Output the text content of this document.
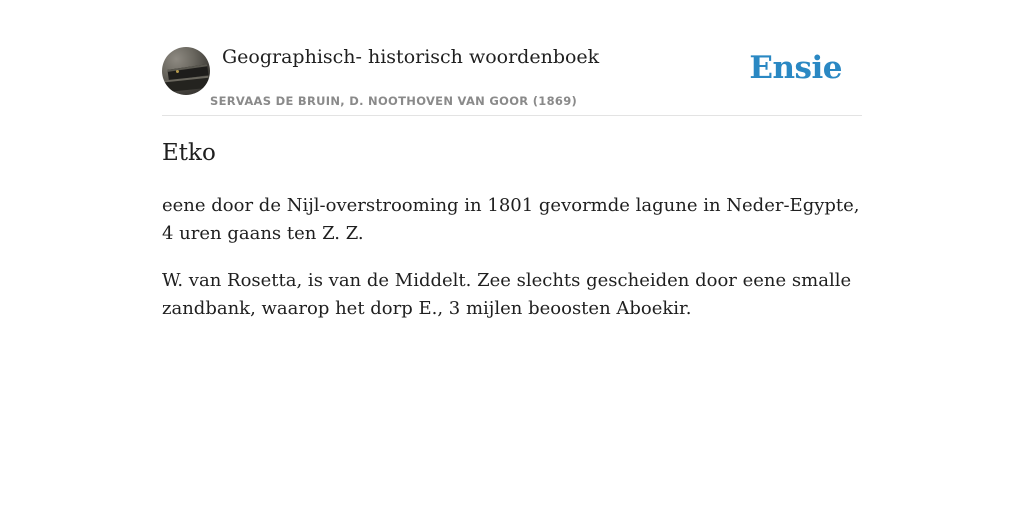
Geographisch- historisch woordenboek
SERVAAS DE BRUIN, D. NOOTHOVEN VAN GOOR (1869)
Ensie
Etko

eene door de Nijl-overstrooming in 1801 gevormde lagune in Neder-Egypte, 4 uren gaans ten Z. Z.

W. van Rosetta, is van de Middelt. Zee slechts gescheiden door eene smalle zandbank, waarop het dorp E., 3 mijlen beoosten Aboekir.
